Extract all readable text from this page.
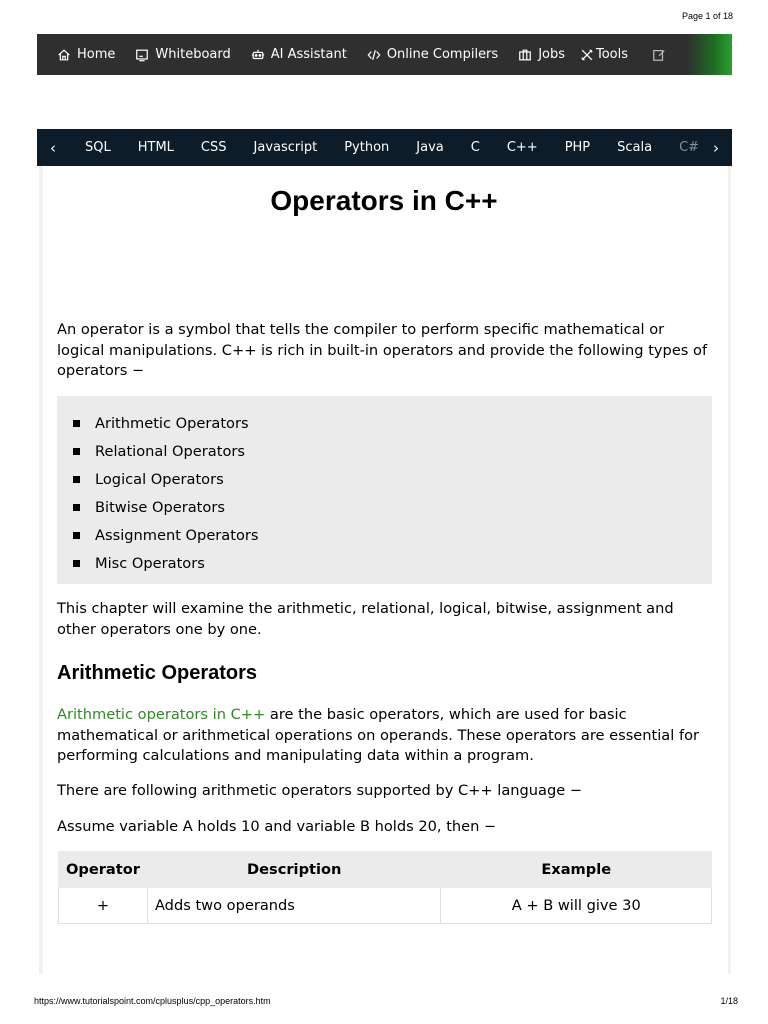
Page 1 of 18
Home	Whiteboard	AI Assistant	Online Compilers	Jobs Tools
‹	SQL HTML CSS Javascript Python Java C C++ PHP Scala C# ›
Operators in C++

An operator is a symbol that tells the compiler to perform specific mathematical or logical manipulations. C++ is rich in built-in operators and provide the following types of operators −

Arithmetic Operators
Relational Operators
Logical Operators
Bitwise Operators
Assignment Operators
Misc Operators

This chapter will examine the arithmetic, relational, logical, bitwise, assignment and other operators one by one.

Arithmetic Operators

Arithmetic operators in C++ are the basic operators, which are used for basic mathematical or arithmetical operations on operands. These operators are essential for performing calculations and manipulating data within a program.

There are following arithmetic operators supported by C++ language −

Assume variable A holds 10 and variable B holds 20, then −

Operator	Description	Example
+	Adds two operands	A + B will give 30
https://www.tutorialspoint.com/cplusplus/cpp_operators.htm	1/18
